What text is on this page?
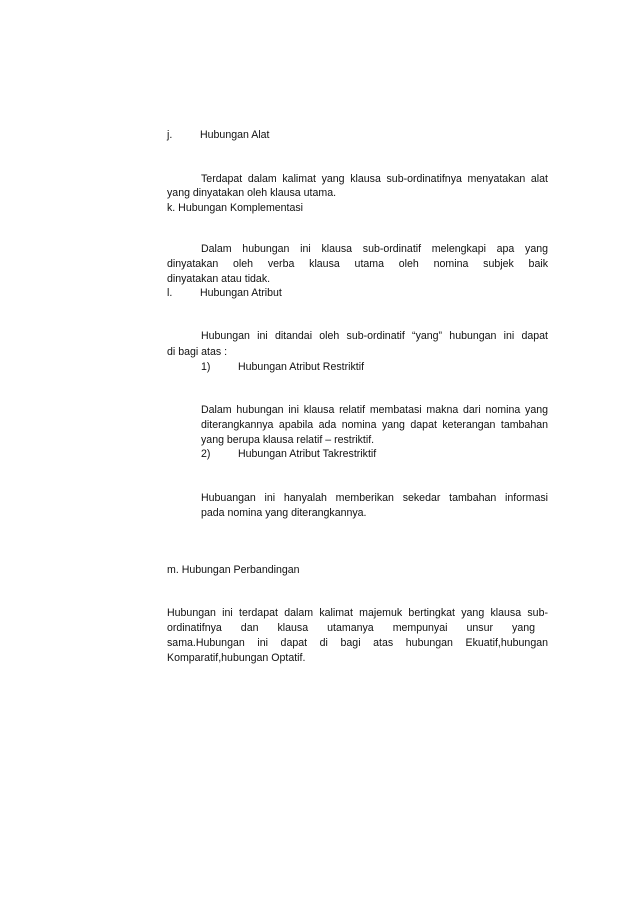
j.	Hubungan Alat
Terdapat dalam kalimat yang klausa sub-ordinatifnya menyatakan alat
yang dinyatakan oleh klausa utama.
k. Hubungan Komplementasi
Dalam hubungan ini klausa sub-ordinatif melengkapi apa yang
dinyatakan oleh verba klausa utama oleh nomina subjek baik
dinyatakan atau tidak.
l.	Hubungan Atribut
Hubungan ini ditandai oleh sub-ordinatif “yang” hubungan ini dapat
di bagi atas :
1)	Hubungan Atribut Restriktif
Dalam hubungan ini klausa relatif membatasi makna dari nomina yang
diterangkannya apabila ada nomina yang dapat keterangan tambahan
yang berupa klausa relatif – restriktif.
2)	Hubungan Atribut Takrestriktif
Hubuangan ini hanyalah memberikan sekedar tambahan informasi
pada nomina yang diterangkannya.
m. Hubungan Perbandingan
Hubungan ini terdapat dalam kalimat majemuk bertingkat yang klausa sub-
ordinatifnya dan klausa utamanya mempunyai unsur yang
sama.Hubungan ini dapat di bagi atas hubungan Ekuatif,hubungan
Komparatif,hubungan Optatif.
